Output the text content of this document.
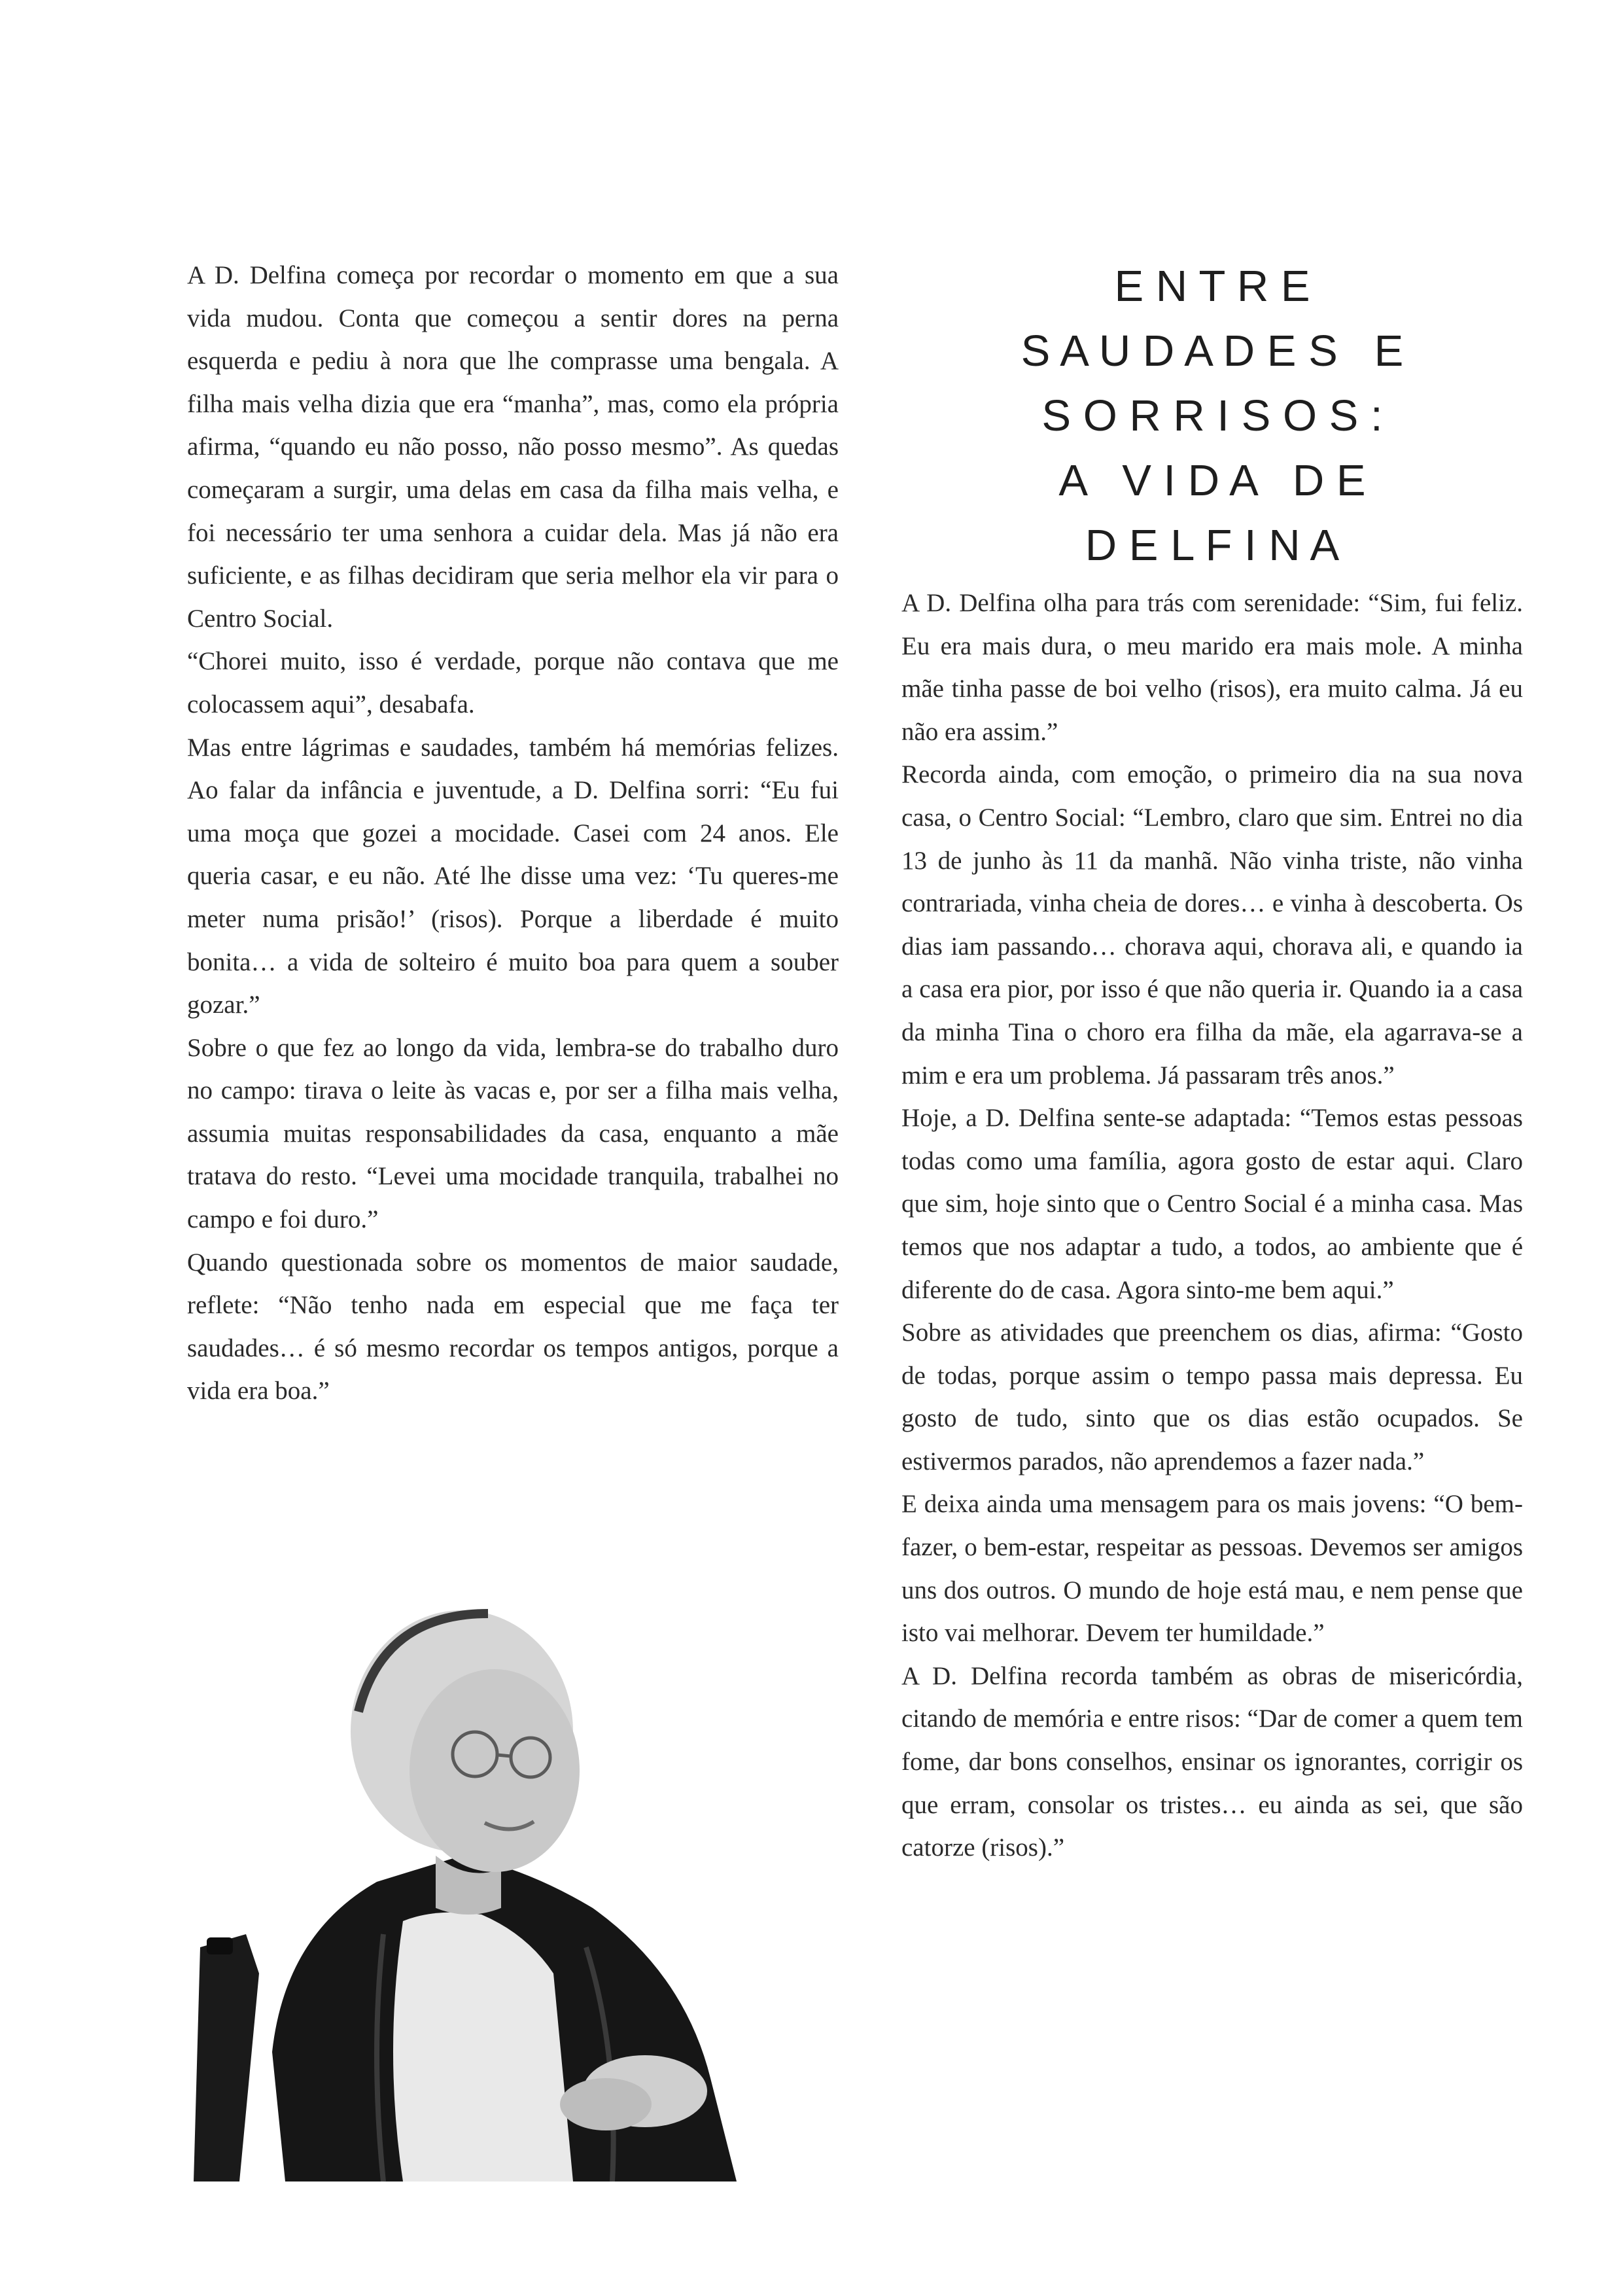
A D. Delfina começa por recordar o momento em que a sua vida mudou. Conta que começou a sentir dores na perna esquerda e pediu à nora que lhe comprasse uma bengala. A filha mais velha dizia que era “manha”, mas, como ela própria afirma, “quando eu não posso, não posso mesmo”. As quedas começaram a surgir, uma delas em casa da filha mais velha, e foi necessário ter uma senhora a cuidar dela. Mas já não era suficiente, e as filhas decidiram que seria melhor ela vir para o Centro Social.

“Chorei muito, isso é verdade, porque não contava que me colocassem aqui”, desabafa.

Mas entre lágrimas e saudades, também há memórias felizes. Ao falar da infância e juventude, a D. Delfina sorri: “Eu fui uma moça que gozei a mocidade. Casei com 24 anos. Ele queria casar, e eu não. Até lhe disse uma vez: ‘Tu queres-me meter numa prisão!’ (risos). Porque a liberdade é muito bonita… a vida de solteiro é muito boa para quem a souber gozar.”

Sobre o que fez ao longo da vida, lembra-se do trabalho duro no campo: tirava o leite às vacas e, por ser a filha mais velha, assumia muitas responsabilidades da casa, enquanto a mãe tratava do resto. “Levei uma mocidade tranquila, trabalhei no campo e foi duro.”

Quando questionada sobre os momentos de maior saudade, reflete: “Não tenho nada em especial que me faça ter saudades… é só mesmo recordar os tempos antigos, porque a vida era boa.”

E N T R E
S A U D A D E S   E
S O R R I S O S :
A   V I D A   D E
D E L F I N A

A D. Delfina olha para trás com serenidade: “Sim, fui feliz. Eu era mais dura, o meu marido era mais mole. A minha mãe tinha passe de boi velho (risos), era muito calma. Já eu não era assim.”

Recorda ainda, com emoção, o primeiro dia na sua nova casa, o Centro Social: “Lembro, claro que sim. Entrei no dia 13 de junho às 11 da manhã. Não vinha triste, não vinha contrariada, vinha cheia de dores… e vinha à descoberta. Os dias iam passando… chorava aqui, chorava ali, e quando ia a casa era pior, por isso é que não queria ir. Quando ia a casa da minha Tina o choro era filha da mãe, ela agarrava-se a mim e era um problema. Já passaram três anos.”

Hoje, a D. Delfina sente-se adaptada: “Temos estas pessoas todas como uma família, agora gosto de estar aqui. Claro que sim, hoje sinto que o Centro Social é a minha casa. Mas temos que nos adaptar a tudo, a todos, ao ambiente que é diferente do de casa. Agora sinto-me bem aqui.”

Sobre as atividades que preenchem os dias, afirma: “Gosto de todas, porque assim o tempo passa mais depressa. Eu gosto de tudo, sinto que os dias estão ocupados. Se estivermos parados, não aprendemos a fazer nada.”

E deixa ainda uma mensagem para os mais jovens: “O bem-fazer, o bem-estar, respeitar as pessoas. Devemos ser amigos uns dos outros. O mundo de hoje está mau, e nem pense que isto vai melhorar. Devem ter humildade.”

A D. Delfina recorda também as obras de misericórdia, citando de memória e entre risos: “Dar de comer a quem tem fome, dar bons conselhos, ensinar os ignorantes, corrigir os que erram, consolar os tristes… eu ainda as sei, que são catorze (risos).”
